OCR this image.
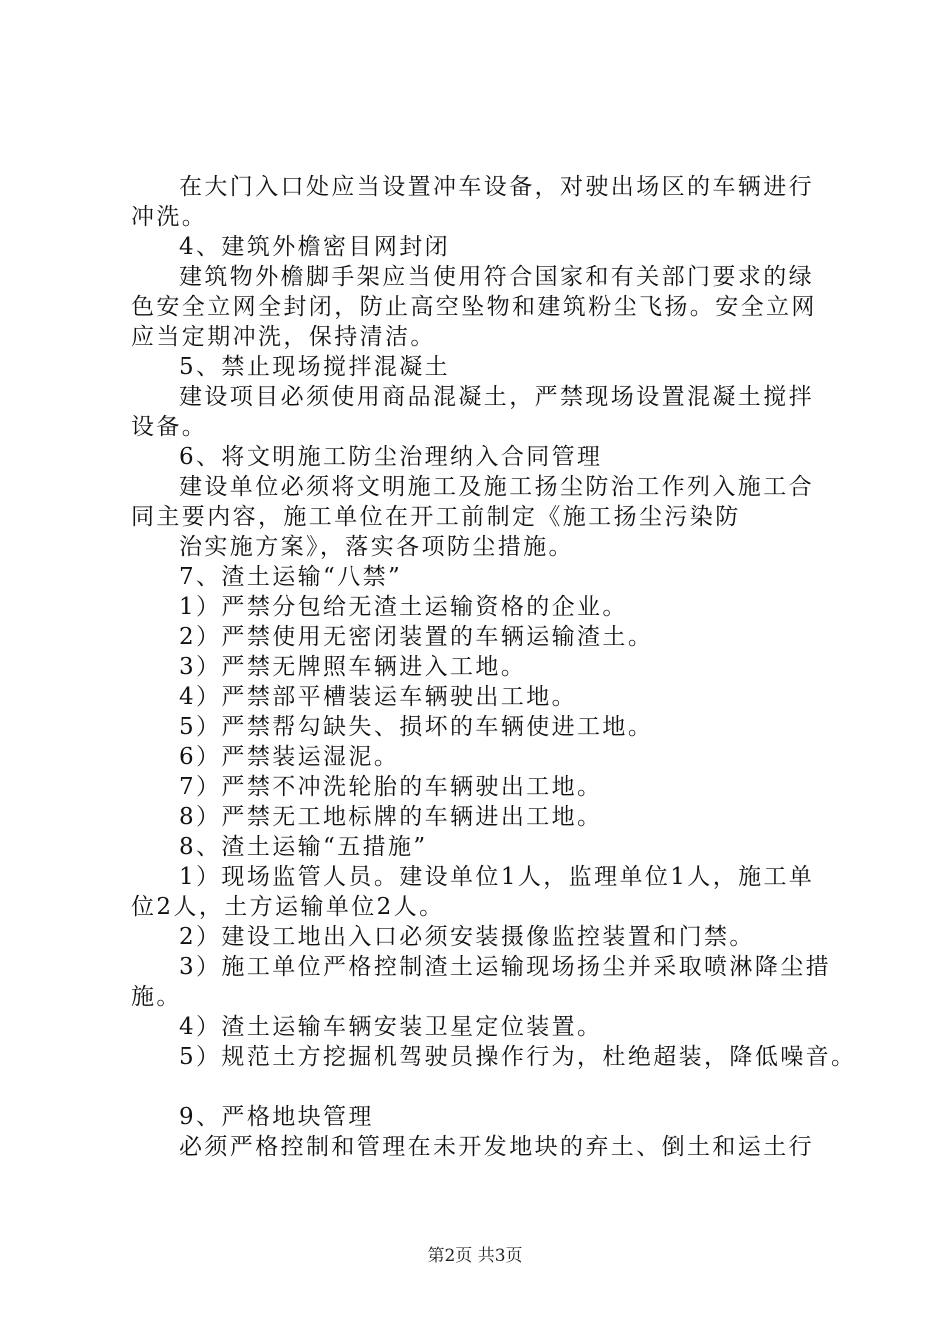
在大门入口处应当设置冲车设备，对驶出场区的车辆进行
冲洗。
4、建筑外檐密目网封闭
建筑物外檐脚手架应当使用符合国家和有关部门要求的绿
色安全立网全封闭，防止高空坠物和建筑粉尘飞扬。安全立网
应当定期冲洗，保持清洁。
5、禁止现场搅拌混凝土
建设项目必须使用商品混凝土，严禁现场设置混凝土搅拌
设备。
6、将文明施工防尘治理纳入合同管理
建设单位必须将文明施工及施工扬尘防治工作列入施工合
同主要内容，施工单位在开工前制定《施工扬尘污染防
治实施方案》，落实各项防尘措施。
7、渣土运输“八禁”
1）严禁分包给无渣土运输资格的企业。
2）严禁使用无密闭装置的车辆运输渣土。
3）严禁无牌照车辆进入工地。
4）严禁部平槽装运车辆驶出工地。
5）严禁帮勾缺失、损坏的车辆使进工地。
6）严禁装运湿泥。
7）严禁不冲洗轮胎的车辆驶出工地。
8）严禁无工地标牌的车辆进出工地。
8、渣土运输“五措施”
1）现场监管人员。建设单位1人，监理单位1人，施工单
位2人，土方运输单位2人。
2）建设工地出入口必须安装摄像监控装置和门禁。
3）施工单位严格控制渣土运输现场扬尘并采取喷淋降尘措
施。
4）渣土运输车辆安装卫星定位装置。
5）规范土方挖掘机驾驶员操作行为，杜绝超装，降低噪音。
9、严格地块管理
必须严格控制和管理在未开发地块的弃土、倒土和运土行
第2页 共3页
